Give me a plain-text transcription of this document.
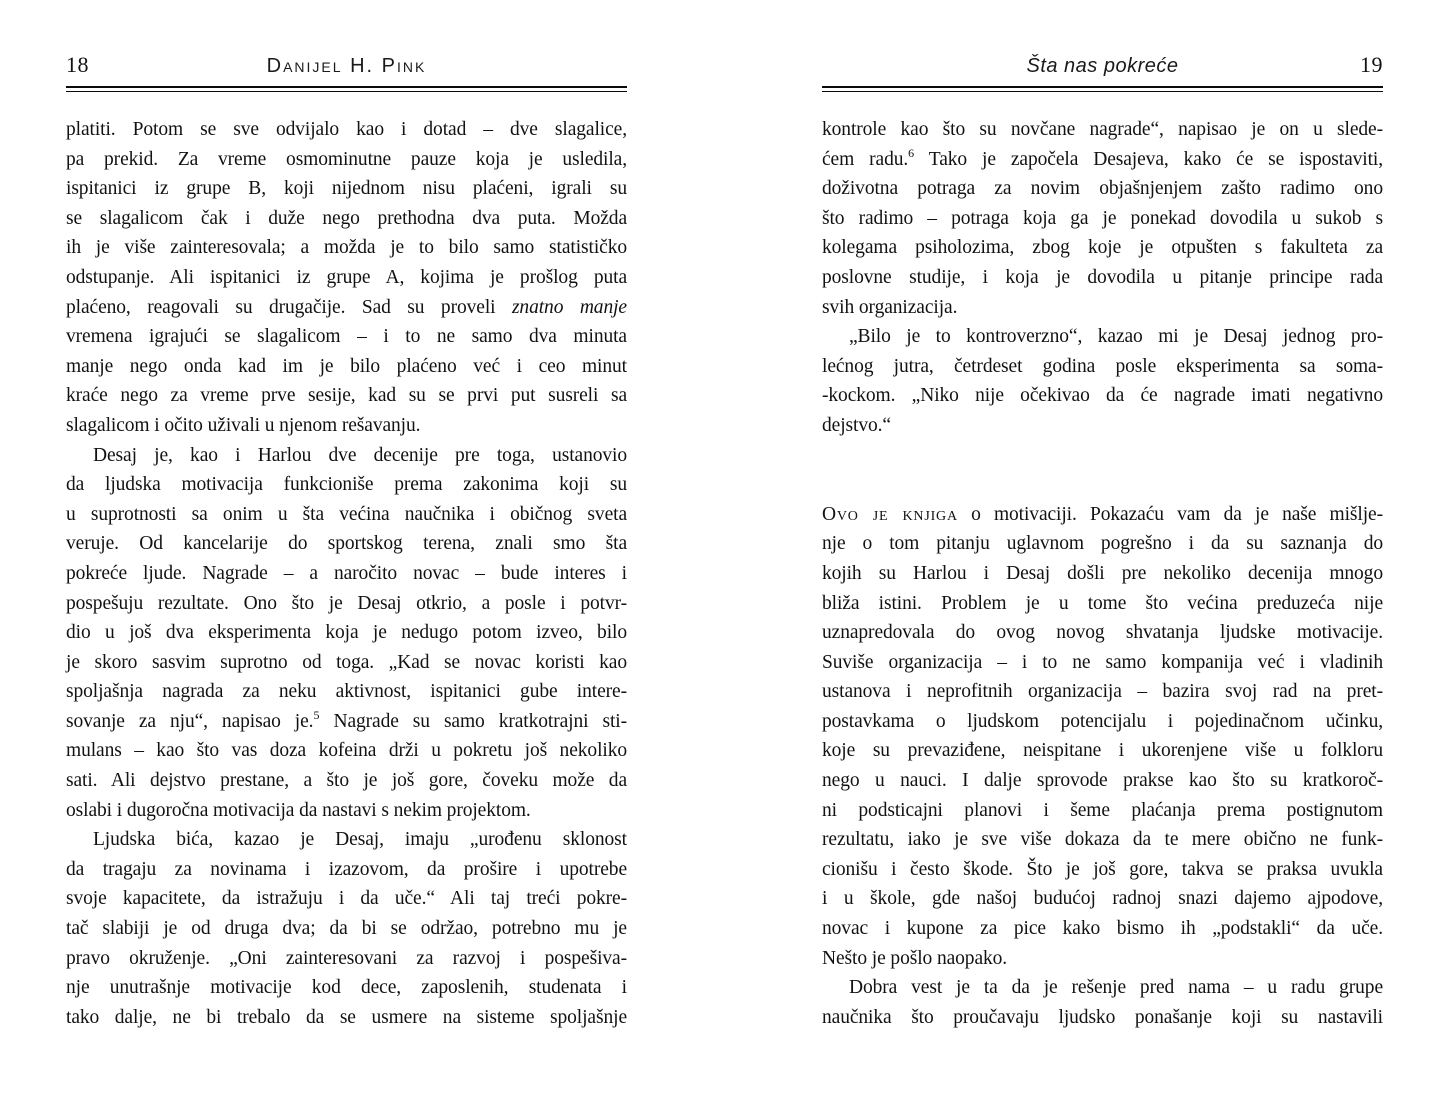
18	Danijel H. Pink
platiti. Potom se sve odvijalo kao i dotad – dve slagalice,
pa prekid. Za vreme osmominutne pauze koja je usledila,
ispitanici iz grupe B, koji nijednom nisu plaćeni, igrali su
se slagalicom čak i duže nego prethodna dva puta. Možda
ih je više zainteresovala; a možda je to bilo samo statističko
odstupanje. Ali ispitanici iz grupe A, kojima je prošlog puta
plaćeno, reagovali su drugačije. Sad su proveli znatno manje
vremena igrajući se slagalicom – i to ne samo dva minuta
manje nego onda kad im je bilo plaćeno već i ceo minut
kraće nego za vreme prve sesije, kad su se prvi put susreli sa
slagalicom i očito uživali u njenom rešavanju.
Desaj je, kao i Harlou dve decenije pre toga, ustanovio
da ljudska motivacija funkcioniše prema zakonima koji su
u suprotnosti sa onim u šta većina naučnika i običnog sveta
veruje. Od kancelarije do sportskog terena, znali smo šta
pokreće ljude. Nagrade – a naročito novac – bude interes i
pospešuju rezultate. Ono što je Desaj otkrio, a posle i potvr-
dio u još dva eksperimenta koja je nedugo potom izveo, bilo
je skoro sasvim suprotno od toga. „Kad se novac koristi kao
spoljašnja nagrada za neku aktivnost, ispitanici gube intere-
sovanje za nju“, napisao je.$^5$ Nagrade su samo kratkotrajni sti-
mulans – kao što vas doza kofeina drži u pokretu još nekoliko
sati. Ali dejstvo prestane, a što je još gore, čoveku može da
oslabi i dugoročna motivacija da nastavi s nekim projektom.
Ljudska bića, kazao je Desaj, imaju „urođenu sklonost
da tragaju za novinama i izazovom, da prošire i upotrebe
svoje kapacitete, da istražuju i da uče.“ Ali taj treći pokre-
tač slabiji je od druga dva; da bi se održao, potrebno mu je
pravo okruženje. „Oni zainteresovani za razvoj i pospešiva-
nje unutrašnje motivacije kod dece, zaposlenih, studenata i
tako dalje, ne bi trebalo da se usmere na sisteme spoljašnje
Šta nas pokreće	19
kontrole kao što su novčane nagrade“, napisao je on u slede-
ćem radu.$^6$ Tako je započela Desajeva, kako će se ispostaviti,
doživotna potraga za novim objašnjenjem zašto radimo ono
što radimo – potraga koja ga je ponekad dovodila u sukob s
kolegama psiholozima, zbog koje je otpušten s fakulteta za
poslovne studije, i koja je dovodila u pitanje principe rada
svih organizacija.
„Bilo je to kontroverzno“, kazao mi je Desaj jednog pro-
lećnog jutra, četrdeset godina posle eksperimenta sa soma-
-kockom. „Niko nije očekivao da će nagrade imati negativno
dejstvo.“

Ovo je knjiga o motivaciji. Pokazaću vam da je naše mišlje-
nje o tom pitanju uglavnom pogrešno i da su saznanja do
kojih su Harlou i Desaj došli pre nekoliko decenija mnogo
bliža istini. Problem je u tome što većina preduzeća nije
uznapredovala do ovog novog shvatanja ljudske motivacije.
Suviše organizacija – i to ne samo kompanija već i vladinih
ustanova i neprofitnih organizacija – bazira svoj rad na pret-
postavkama o ljudskom potencijalu i pojedinačnom učinku,
koje su prevaziđene, neispitane i ukorenjene više u folkloru
nego u nauci. I dalje sprovode prakse kao što su kratkoroč-
ni podsticajni planovi i šeme plaćanja prema postignutom
rezultatu, iako je sve više dokaza da te mere obično ne funk-
cionišu i često škode. Što je još gore, takva se praksa uvukla
i u škole, gde našoj budućoj radnoj snazi dajemo ajpodove,
novac i kupone za pice kako bismo ih „podstakli“ da uče.
Nešto je pošlo naopako.
Dobra vest je ta da je rešenje pred nama – u radu grupe
naučnika što proučavaju ljudsko ponašanje koji su nastavili
